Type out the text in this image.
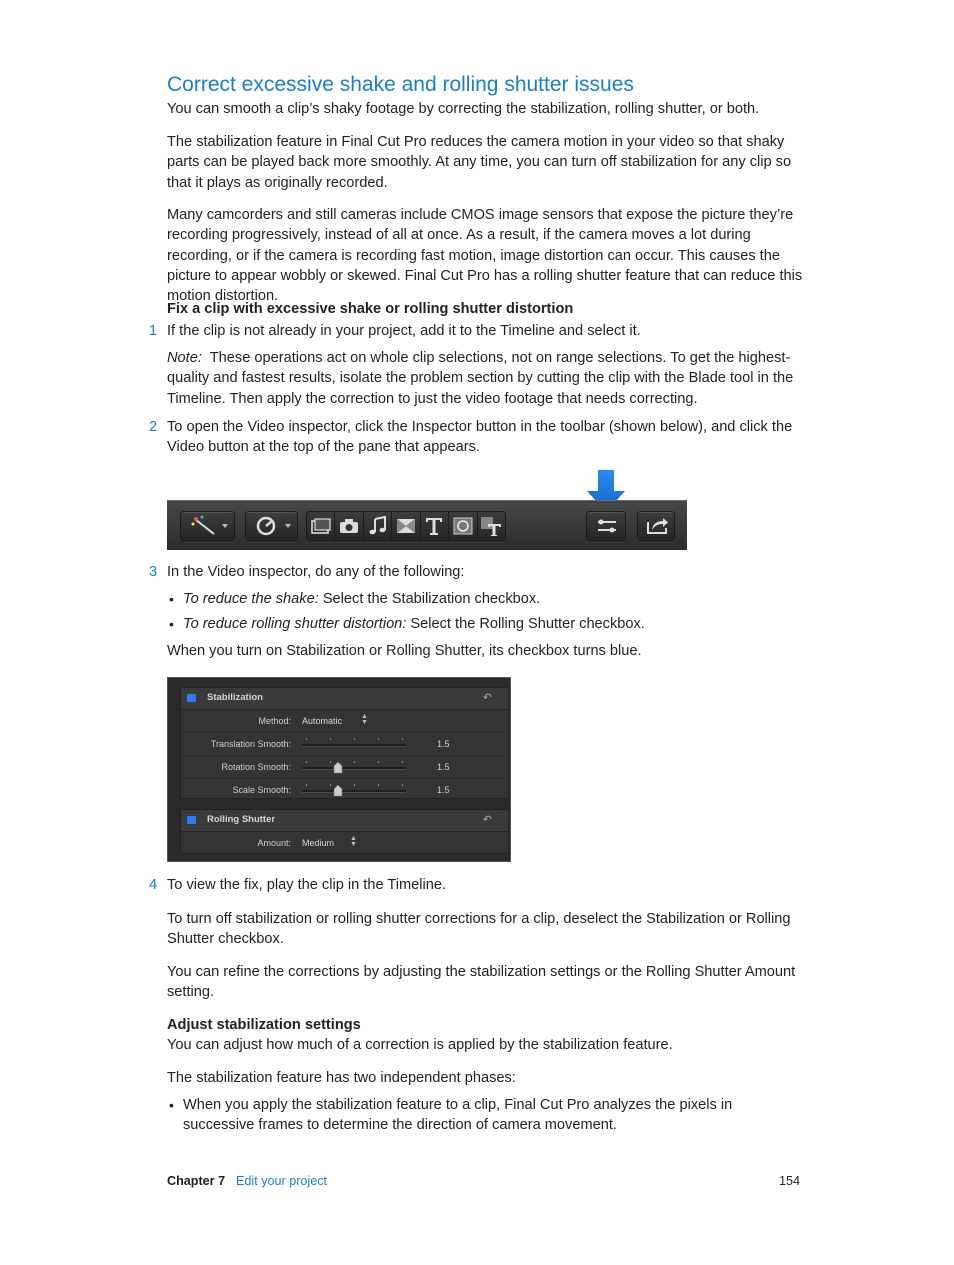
Correct excessive shake and rolling shutter issues

You can smooth a clip’s shaky footage by correcting the stabilization, rolling shutter, or both.

The stabilization feature in Final Cut Pro reduces the camera motion in your video so that shaky parts can be played back more smoothly. At any time, you can turn off stabilization for any clip so that it plays as originally recorded.

Many camcorders and still cameras include CMOS image sensors that expose the picture they’re recording progressively, instead of all at once. As a result, if the camera moves a lot during recording, or if the camera is recording fast motion, image distortion can occur. This causes the picture to appear wobbly or skewed. Final Cut Pro has a rolling shutter feature that can reduce this motion distortion.

Fix a clip with excessive shake or rolling shutter distortion

1 If the clip is not already in your project, add it to the Timeline and select it.

Note: These operations act on whole clip selections, not on range selections. To get the highest-quality and fastest results, isolate the problem section by cutting the clip with the Blade tool in the Timeline. Then apply the correction to just the video footage that needs correcting.

2 To open the Video inspector, click the Inspector button in the toolbar (shown below), and click the Video button at the top of the pane that appears.

3 In the Video inspector, do any of the following:

• To reduce the shake: Select the Stabilization checkbox.

• To reduce rolling shutter distortion: Select the Rolling Shutter checkbox.

When you turn on Stabilization or Rolling Shutter, its checkbox turns blue.

Stabilization	↶
Method: Automatic	▲
▼
Translation Smooth:	1.5
Rotation Smooth:	1.5
Scale Smooth:	1.5
Rolling Shutter	↶
Amount: Medium ▲
▼
4 To view the fix, play the clip in the Timeline.

To turn off stabilization or rolling shutter corrections for a clip, deselect the Stabilization or Rolling Shutter checkbox.

You can refine the corrections by adjusting the stabilization settings or the Rolling Shutter Amount setting.

Adjust stabilization settings

You can adjust how much of a correction is applied by the stabilization feature.

The stabilization feature has two independent phases:

• When you apply the stabilization feature to a clip, Final Cut Pro analyzes the pixels in successive frames to determine the direction of camera movement.

Chapter 7 Edit your project	154
